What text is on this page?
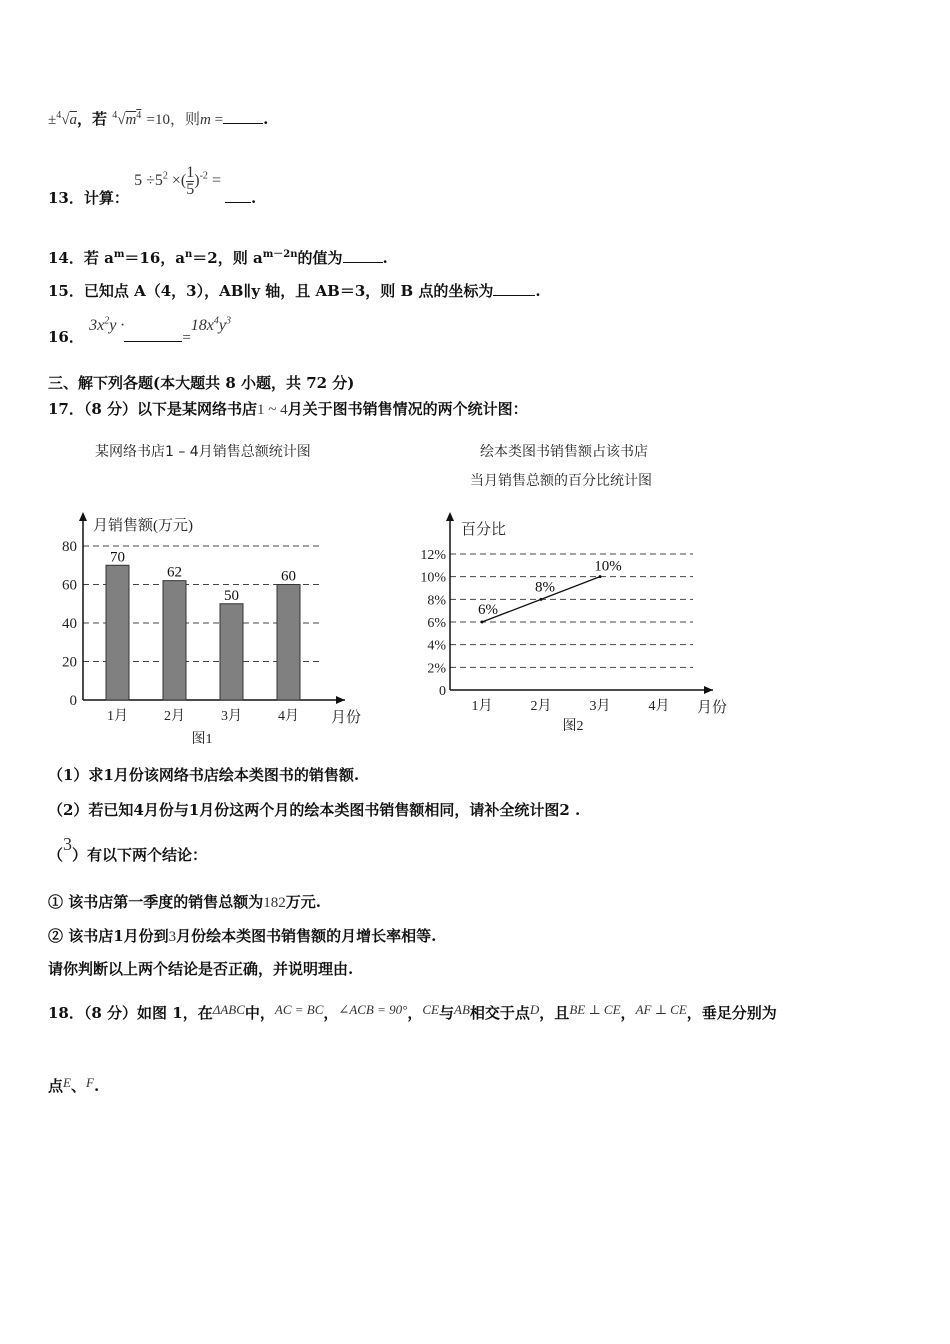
±$^4$√a，若 $^4√m^4 =10$，则m =	.
13．计算： $5 \div 5^2$ ×( $\frac{1}{5} )^{-2}$ = .
14．若 $a^m=16$，$a^n=2$，则 $a^{m-2n}$的值为	.
15．已知点 A（4，3），AB∥y 轴，且 AB＝3，则 B 点的坐标为	.
16． $3x^2y \cdot=18x^4y^3$
三、解下列各题(本大题共 8 小题，共 72 分)
17．（8 分）以下是某网络书店1 ~ 4月关于图书销售情况的两个统计图：
某网络书店1 – 4月销售总额统计图	绘本类图书销售额占该书店
当月销售总额的百分比统计图
0
20
40
60
80
月销售额(万元)
月份
70
1月
62
2月
50
3月
60
4月
图1
0
2%
4%
6%
8%
10%
12%
百分比
月份
1月	2月	3月	4月
6%
8%
10%
图2
（1）求1月份该网络书店绘本类图书的销售额.
（2）若已知4月份与1月份这两个月的绘本类图书销售额相同，请补全统计图2 .
（3）有以下两个结论：
① 该书店第一季度的销售总额为182万元.
② 该书店1月份到3月份绘本类图书销售额的月增长率相等.
请你判断以上两个结论是否正确，并说明理由.
18．（8 分）如图 1，在ΔABC中，AC = BC，∠ACB = 90°，CE与AB相交于点D，且BE ⊥ CE，AF ⊥ CE，垂足分别为
点E、F.
